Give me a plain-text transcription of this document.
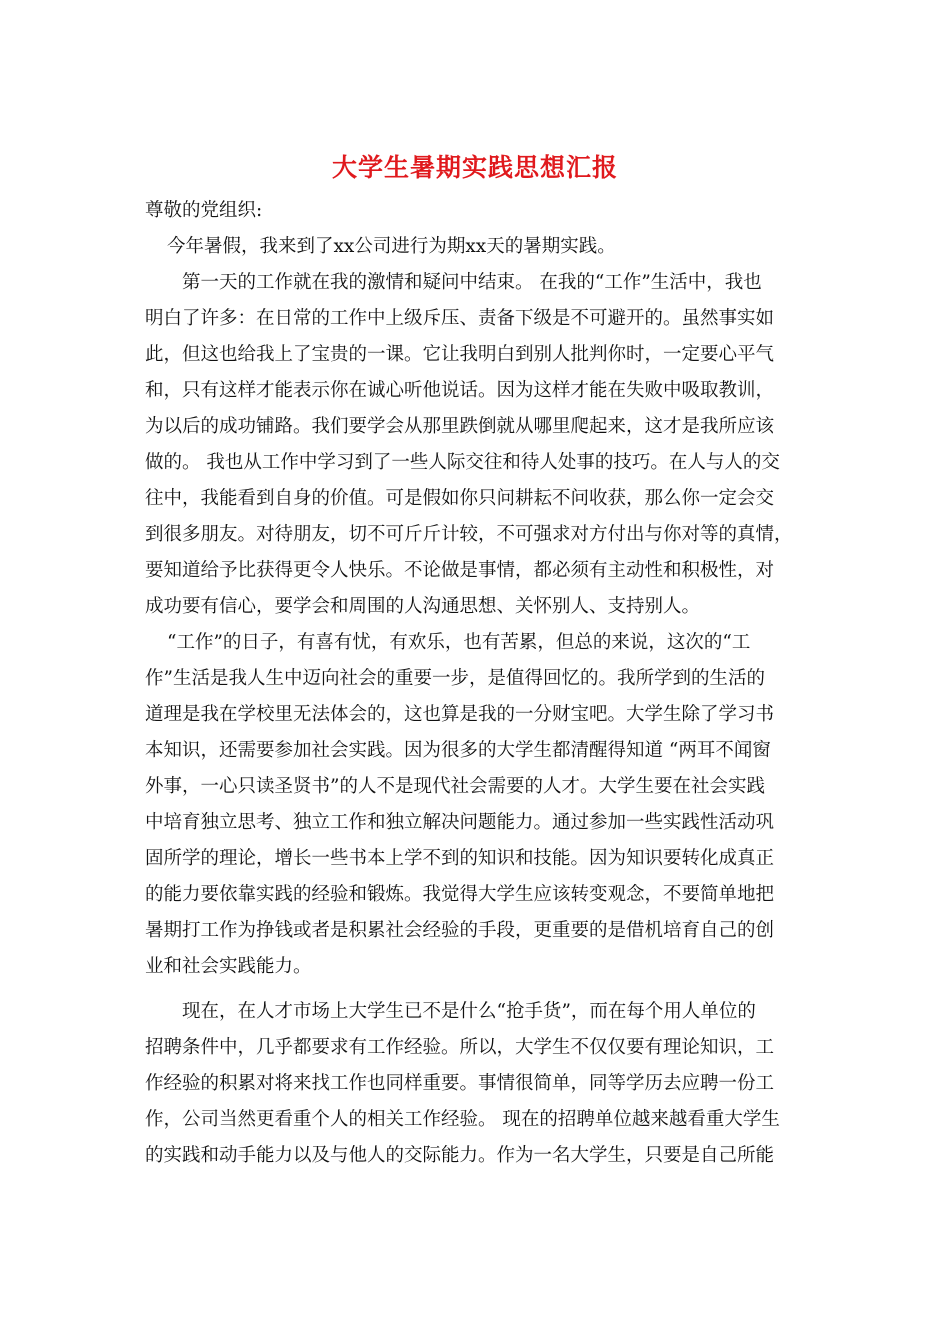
大学生暑期实践思想汇报
尊敬的党组织:
今年暑假，我来到了xx公司进行为期xx天的暑期实践。
第一天的工作就在我的激情和疑问中结束。 在我的“工作”生活中，我也
明白了许多：在日常的工作中上级斥压、责备下级是不可避开的。虽然事实如
此，但这也给我上了宝贵的一课。它让我明白到别人批判你时，一定要心平气
和，只有这样才能表示你在诚心听他说话。因为这样才能在失败中吸取教训，
为以后的成功铺路。我们要学会从那里跌倒就从哪里爬起来，这才是我所应该
做的。 我也从工作中学习到了一些人际交往和待人处事的技巧。在人与人的交
往中，我能看到自身的价值。可是假如你只问耕耘不问收获，那么你一定会交
到很多朋友。对待朋友，切不可斤斤计较，不可强求对方付出与你对等的真情，
要知道给予比获得更令人快乐。不论做是事情，都必须有主动性和积极性，对
成功要有信心，要学会和周围的人沟通思想、关怀别人、支持别人。
“工作”的日子，有喜有忧，有欢乐，也有苦累，但总的来说，这次的“工
作”生活是我人生中迈向社会的重要一步，是值得回忆的。我所学到的生活的
道理是我在学校里无法体会的，这也算是我的一分财宝吧。大学生除了学习书
本知识，还需要参加社会实践。因为很多的大学生都清醒得知道 “两耳不闻窗
外事，一心只读圣贤书”的人不是现代社会需要的人才。大学生要在社会实践
中培育独立思考、独立工作和独立解决问题能力。通过参加一些实践性活动巩
固所学的理论，增长一些书本上学不到的知识和技能。因为知识要转化成真正
的能力要依靠实践的经验和锻炼。我觉得大学生应该转变观念，不要简单地把
暑期打工作为挣钱或者是积累社会经验的手段，更重要的是借机培育自己的创
业和社会实践能力。
现在，在人才市场上大学生已不是什么“抢手货”，而在每个用人单位的
招聘条件中，几乎都要求有工作经验。所以，大学生不仅仅要有理论知识，工
作经验的积累对将来找工作也同样重要。事情很简单，同等学历去应聘一份工
作，公司当然更看重个人的相关工作经验。 现在的招聘单位越来越看重大学生
的实践和动手能力以及与他人的交际能力。作为一名大学生，只要是自己所能
